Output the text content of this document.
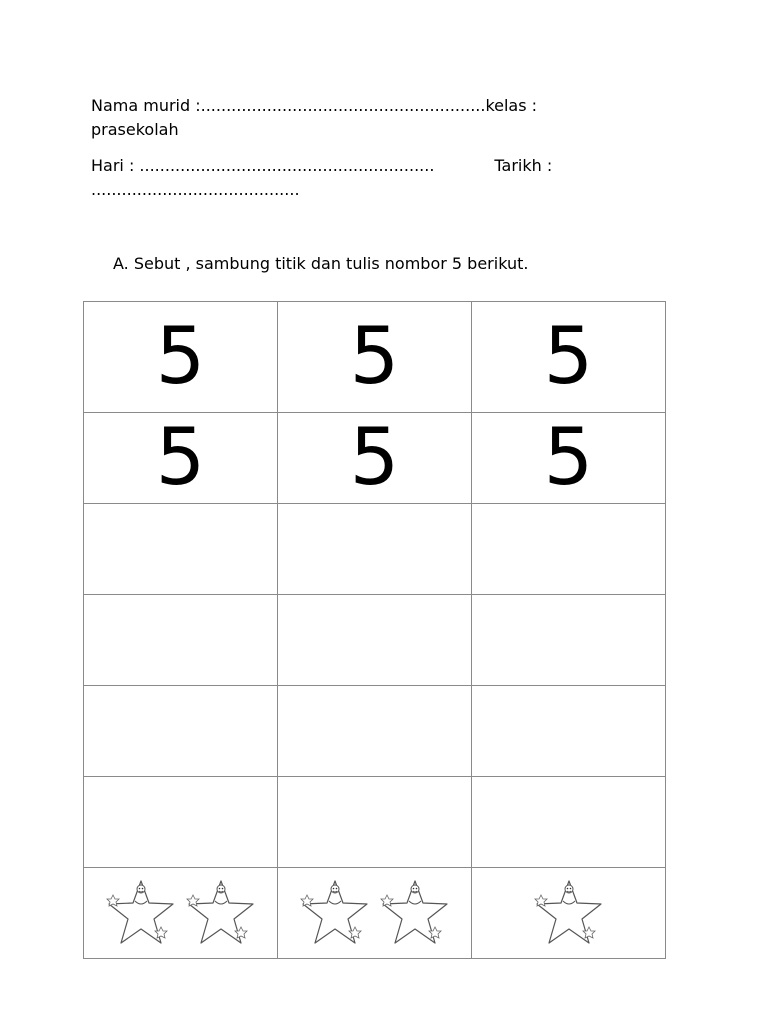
Nama murid :........................................................kelas :
prasekolah
Hari : ..........................................................	Tarikh :
.........................................
A. Sebut , sambung titik dan tulis nombor 5 berikut.
5	5	5
5	5	5
